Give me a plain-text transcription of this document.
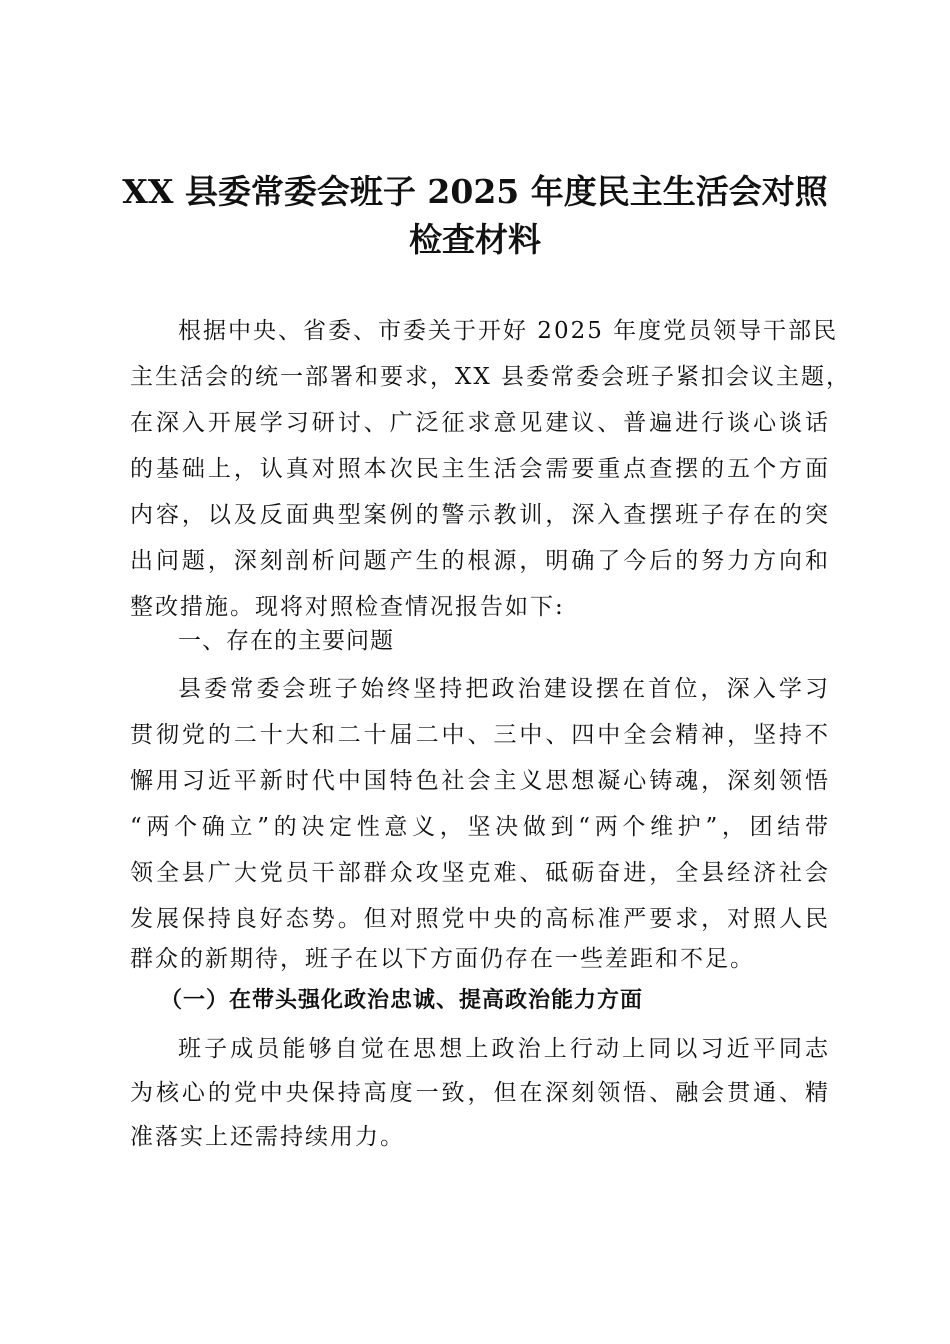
XX 县委常委会班子 2025 年度民主生活会对照
检查材料
根据中央、省委、市委关于开好 2025 年度党员领导干部民
主生活会的统一部署和要求，XX 县委常委会班子紧扣会议主题，
在深入开展学习研讨、广泛征求意见建议、普遍进行谈心谈话
的基础上，认真对照本次民主生活会需要重点查摆的五个方面
内容，以及反面典型案例的警示教训，深入查摆班子存在的突
出问题，深刻剖析问题产生的根源，明确了今后的努力方向和
整改措施。现将对照检查情况报告如下:
一、存在的主要问题
县委常委会班子始终坚持把政治建设摆在首位，深入学习
贯彻党的二十大和二十届二中、三中、四中全会精神，坚持不
懈用习近平新时代中国特色社会主义思想凝心铸魂，深刻领悟
“两个确立”的决定性意义，坚决做到“两个维护”，团结带
领全县广大党员干部群众攻坚克难、砥砺奋进，全县经济社会
发展保持良好态势。但对照党中央的高标准严要求，对照人民
群众的新期待，班子在以下方面仍存在一些差距和不足。
（一）在带头强化政治忠诚、提高政治能力方面
班子成员能够自觉在思想上政治上行动上同以习近平同志
为核心的党中央保持高度一致，但在深刻领悟、融会贯通、精
准落实上还需持续用力。
